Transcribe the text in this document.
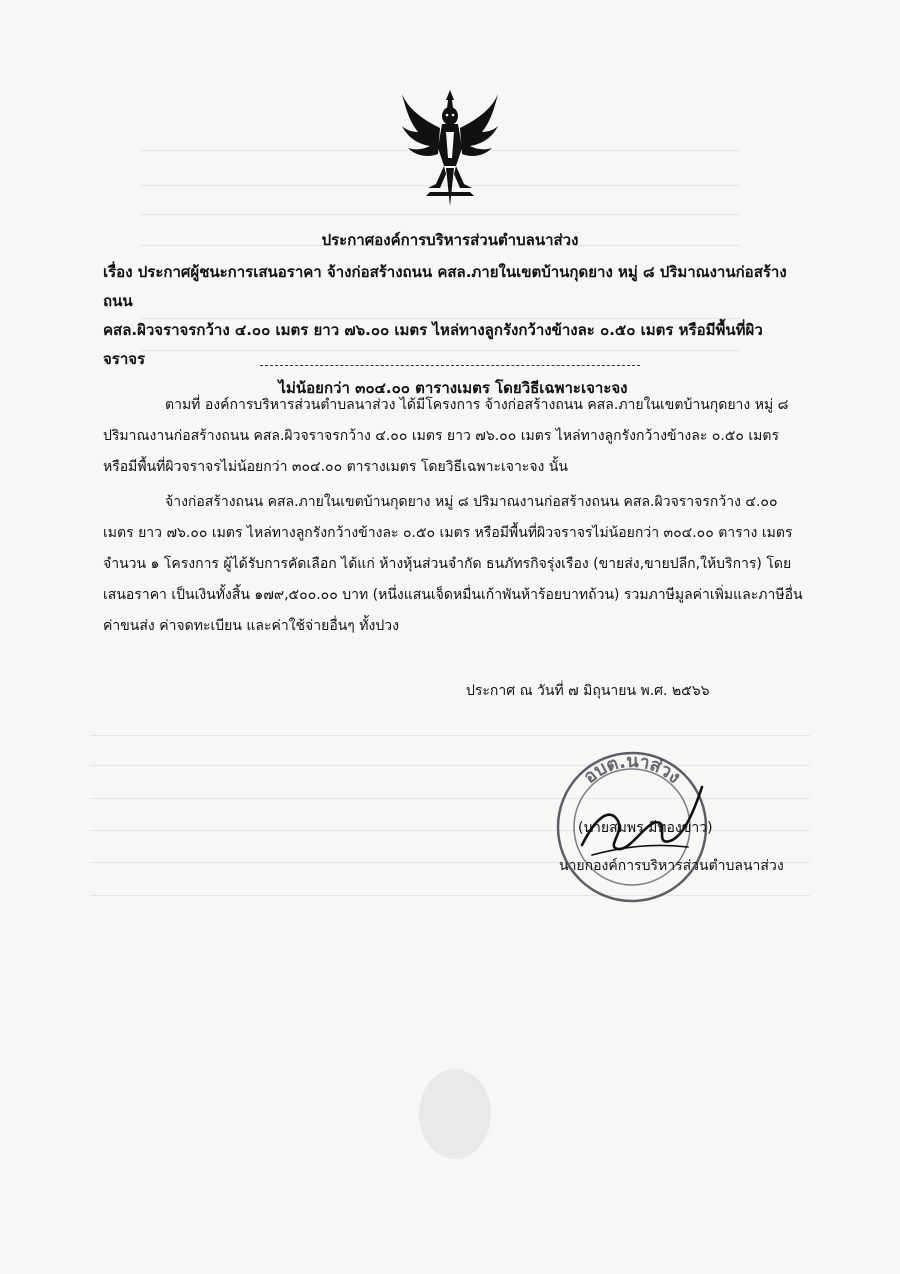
ประกาศองค์การบริหารส่วนตำบลนาส่วง
เรื่อง ประกาศผู้ชนะการเสนอราคา จ้างก่อสร้างถนน คสล.ภายในเขตบ้านกุดยาง หมู่ ๘ ปริมาณงานก่อสร้างถนน
คสล.ผิวจราจรกว้าง ๔.๐๐ เมตร ยาว ๗๖.๐๐ เมตร ไหล่ทางลูกรังกว้างข้างละ ๐.๕๐ เมตร หรือมีพื้นที่ผิวจราจร

ไม่น้อยกว่า ๓๐๔.๐๐ ตารางเมตร โดยวิธีเฉพาะเจาะจง

ตามที่ องค์การบริหารส่วนตำบลนาส่วง ได้มีโครงการ จ้างก่อสร้างถนน คสล.ภายในเขตบ้านกุดยาง หมู่ ๘ ปริมาณงานก่อสร้างถนน คสล.ผิวจราจรกว้าง ๔.๐๐ เมตร ยาว ๗๖.๐๐ เมตร ไหล่ทางลูกรังกว้างข้างละ ๐.๕๐ เมตร หรือมีพื้นที่ผิวจราจรไม่น้อยกว่า ๓๐๔.๐๐ ตารางเมตร โดยวิธีเฉพาะเจาะจง นั้น

จ้างก่อสร้างถนน คสล.ภายในเขตบ้านกุดยาง หมู่ ๘ ปริมาณงานก่อสร้างถนน คสล.ผิวจราจรกว้าง ๔.๐๐ เมตร ยาว ๗๖.๐๐ เมตร ไหล่ทางลูกรังกว้างข้างละ ๐.๕๐ เมตร หรือมีพื้นที่ผิวจราจรไม่น้อยกว่า ๓๐๔.๐๐ ตาราง เมตร จำนวน ๑ โครงการ ผู้ได้รับการคัดเลือก ได้แก่ ห้างหุ้นส่วนจำกัด ธนภัทรกิจรุ่งเรือง (ขายส่ง,ขายปลีก,ให้บริการ) โดยเสนอราคา เป็นเงินทั้งสิ้น ๑๗๙,๕๐๐.๐๐ บาท (หนึ่งแสนเจ็ดหมื่นเก้าพันห้าร้อยบาทถ้วน) รวมภาษีมูลค่าเพิ่มและภาษีอื่น ค่าขนส่ง ค่าจดทะเบียน และค่าใช้จ่ายอื่นๆ ทั้งปวง

ประกาศ ณ วันที่ ๗ มิถุนายน พ.ศ. ๒๕๖๖
อบต.นาส่วง
(นายสมพร มีทองขาว)
นายกองค์การบริหารส่วนตำบลนาส่วง
